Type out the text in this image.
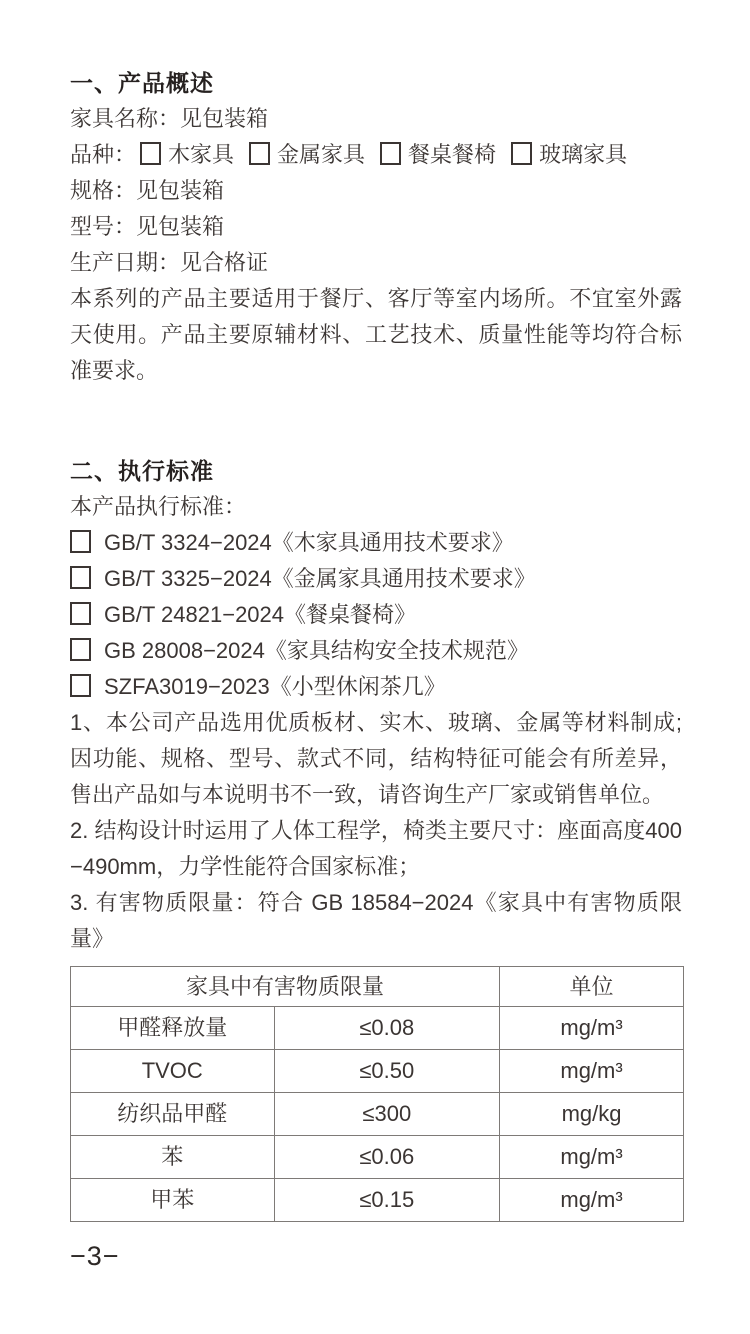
一、产品概述
家具名称：见包装箱
品种： 木家具 金属家具 餐桌餐椅 玻璃家具
规格：见包装箱
型号：见包装箱
生产日期：见合格证

本系列的产品主要适用于餐厅、客厅等室内场所。不宜室外露天使用。产品主要原辅材料、工艺技术、质量性能等均符合标准要求。

二、执行标准
本产品执行标准：
GB/T 3324−2024《木家具通用技术要求》
GB/T 3325−2024《金属家具通用技术要求》
GB/T 24821−2024《餐桌餐椅》
GB 28008−2024《家具结构安全技术规范》
SZFA3019−2023《小型休闲茶几》

1、本公司产品选用优质板材、实木、玻璃、金属等材料制成;因功能、规格、型号、款式不同，结构特征可能会有所差异，售出产品如与本说明书不一致，请咨询生产厂家或销售单位。

2. 结构设计时运用了人体工程学，椅类主要尺寸：座面高度400−490mm，力学性能符合国家标准；

3. 有害物质限量：符合 GB 18584−2024《家具中有害物质限量》

家具中有害物质限量		单位
甲醛释放量	≤0.08	mg/m³
TVOC	≤0.50	mg/m³
纺织品甲醛	≤300	mg/kg
苯	≤0.06	mg/m³
甲苯	≤0.15	mg/m³
−3−
